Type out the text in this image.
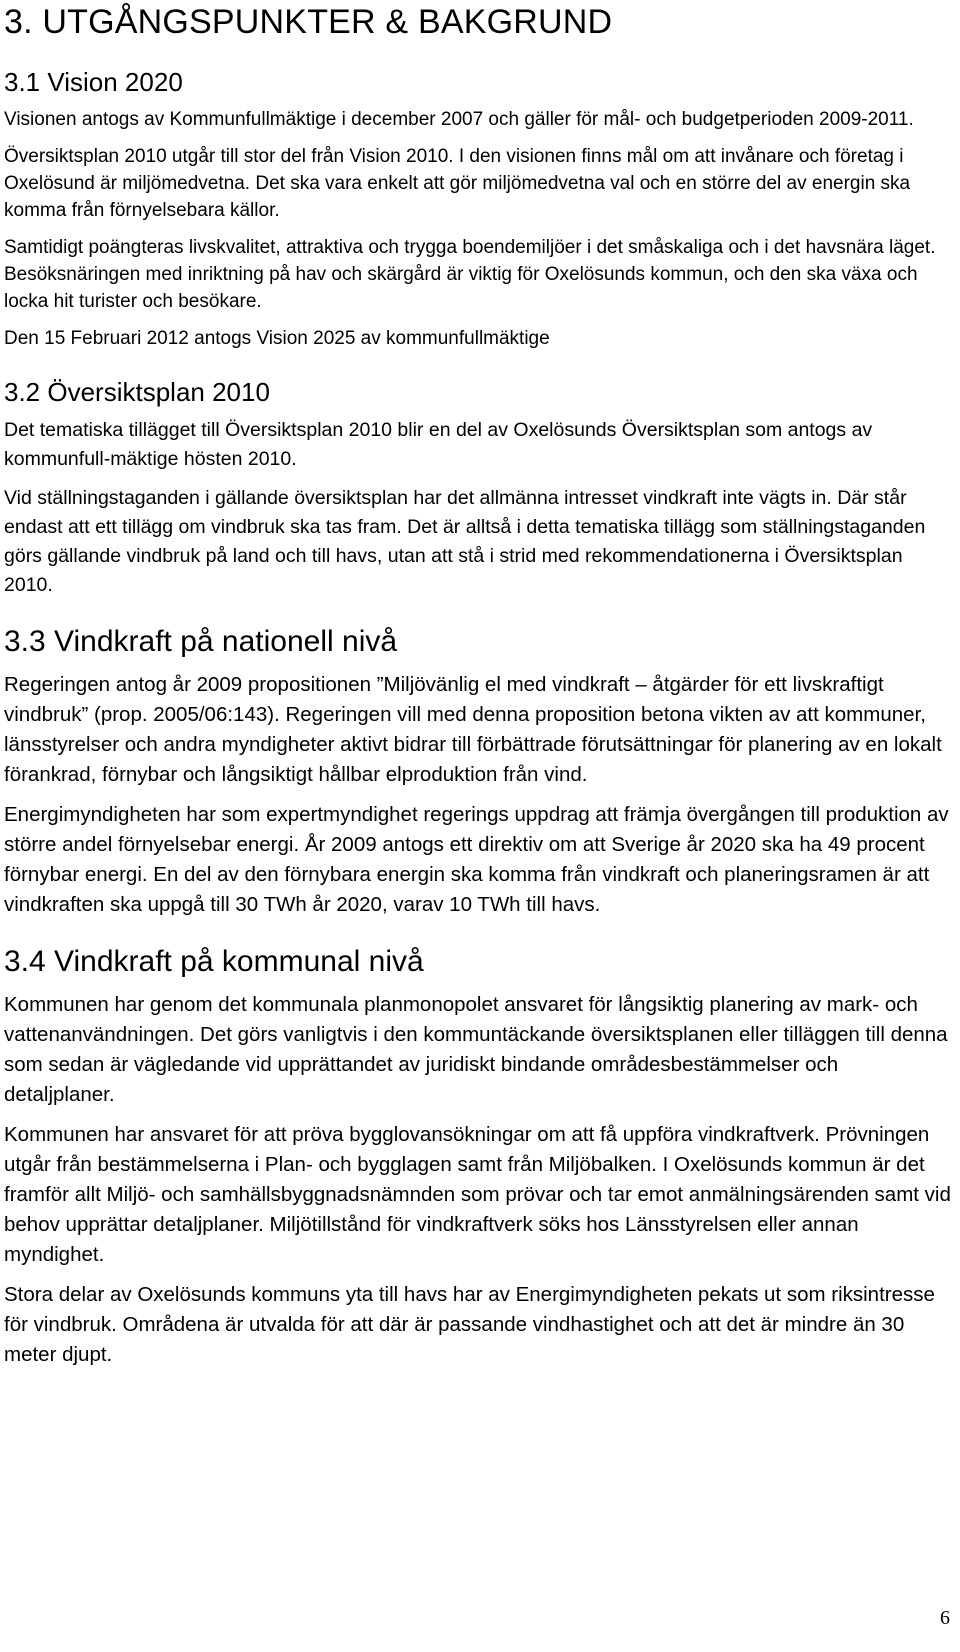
3. UTGÅNGSPUNKTER & BAKGRUND
3.1 Vision 2020

Visionen antogs av Kommunfullmäktige i december 2007 och gäller för mål- och budgetperioden 2009-2011.

Översiktsplan 2010 utgår till stor del från Vision 2010. I den visionen finns mål om att invånare och företag i Oxelösund är miljömedvetna. Det ska vara enkelt att gör miljömedvetna val och en större del av energin ska komma från förnyelsebara källor.

Samtidigt poängteras livskvalitet, attraktiva och trygga boendemiljöer i det småskaliga och i det havsnära läget. Besöksnäringen med inriktning på hav och skärgård är viktig för Oxelösunds kommun, och den ska växa och locka hit turister och besökare.

Den 15 Februari 2012 antogs Vision 2025 av kommunfullmäktige

3.2 Översiktsplan 2010

Det tematiska tillägget till Översiktsplan 2010 blir en del av Oxelösunds Översiktsplan som antogs av kommunfull-mäktige hösten 2010.

Vid ställningstaganden i gällande översiktsplan har det allmänna intresset vindkraft inte vägts in. Där står endast att ett tillägg om vindbruk ska tas fram. Det är alltså i detta tematiska tillägg som ställningstaganden görs gällande vindbruk på land och till havs, utan att stå i strid med rekommendationerna i Översiktsplan 2010.

3.3 Vindkraft på nationell nivå

Regeringen antog år 2009 propositionen ”Miljövänlig el med vindkraft – åtgärder för ett livskraftigt vindbruk” (prop. 2005/06:143). Regeringen vill med denna proposition betona vikten av att kommuner, länsstyrelser och andra myndigheter aktivt bidrar till förbättrade förutsättningar för planering av en lokalt förankrad, förnybar och långsiktigt hållbar elproduktion från vind.

Energimyndigheten har som expertmyndighet regerings uppdrag att främja övergången till produktion av större andel förnyelsebar energi. År 2009 antogs ett direktiv om att Sverige år 2020 ska ha 49 procent förnybar energi. En del av den förnybara energin ska komma från vindkraft och planeringsramen är att vindkraften ska uppgå till 30 TWh år 2020, varav 10 TWh till havs.

3.4 Vindkraft på kommunal nivå

Kommunen har genom det kommunala planmonopolet ansvaret för långsiktig planering av mark- och vattenanvändningen. Det görs vanligtvis i den kommuntäckande översiktsplanen eller tilläggen till denna som sedan är vägledande vid upprättandet av juridiskt bindande områdesbestämmelser och detaljplaner.

Kommunen har ansvaret för att pröva bygglovansökningar om att få uppföra vindkraftverk. Prövningen utgår från bestämmelserna i Plan- och bygglagen samt från Miljöbalken. I Oxelösunds kommun är det framför allt Miljö- och samhällsbyggnadsnämnden som prövar och tar emot anmälningsärenden samt vid behov upprättar detaljplaner. Miljötillstånd för vindkraftverk söks hos Länsstyrelsen eller annan myndighet.

Stora delar av Oxelösunds kommuns yta till havs har av Energimyndigheten pekats ut som riksintresse för vindbruk. Områdena är utvalda för att där är passande vindhastighet och att det är mindre än 30 meter djupt.

6
